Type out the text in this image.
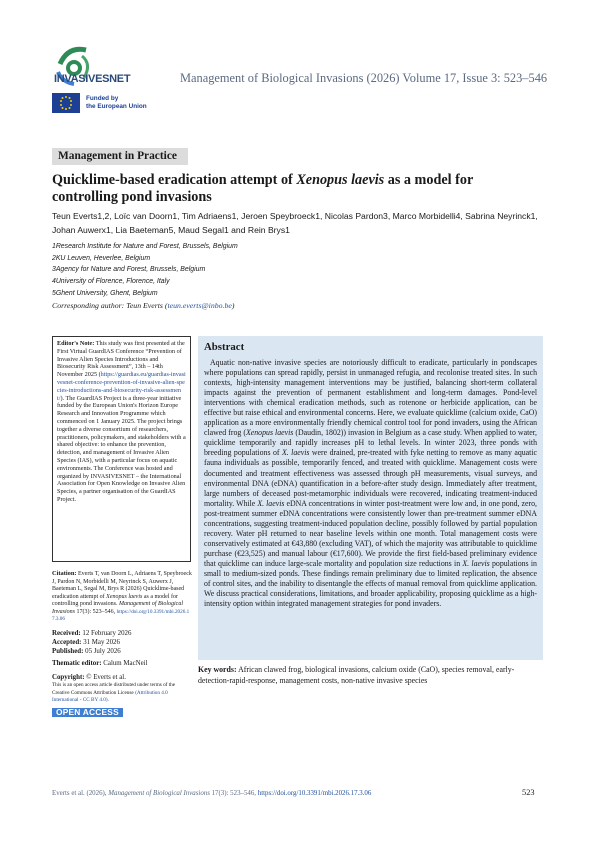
INVASIVESNET	Management of Biological Invasions (2026) Volume 17, Issue 3: 523–546
Funded by
the European Union
Management in Practice
Quicklime-based eradication attempt of Xenopus laevis as a model for controlling pond invasions
Teun Everts1,2, Loïc van Doorn1, Tim Adriaens1, Jeroen Speybroeck1, Nicolas Pardon3, Marco Morbidelli4, Sabrina Neyrinck1, Johan Auwerx1, Lia Baeteman5, Maud Segal1 and Rein Brys1
1Research Institute for Nature and Forest, Brussels, Belgium
2KU Leuven, Heverlee, Belgium
3Agency for Nature and Forest, Brussels, Belgium
4University of Florence, Florence, Italy
5Ghent University, Ghent, Belgium
Corresponding author: Teun Everts (teun.everts@inbo.be)
Editor's Note: This study was first presented at the First Virtual GuardIAS Conference “Prevention of Invasive Alien Species Introductions and Biosecurity Risk Assessment”, 13th – 14th November 2025 (https://guardias.eu/guardias-invasivesnet-conference-prevention-of-invasive-alien-species-introductions-and-biosecurity-risk-assessment/). The GuardIAS Project is a three-year initiative funded by the European Union's Horizon Europe Research and Innovation Programme which commenced on 1 January 2025. The project brings together a diverse consortium of researchers, practitioners, policymakers, and stakeholders with a shared objective: to enhance the prevention, detection, and management of Invasive Alien Species (IAS), with a particular focus on aquatic environments. The Conference was hosted and organized by INVASIVESNET – the International Association for Open Knowledge on Invasive Alien Species, a partner organisation of the GuardIAS Project.

Citation: Everts T, van Doorn L, Adriaens T, Speybroeck J, Pardon N, Morbidelli M, Neyrinck S, Auwerx J, Baeteman L, Segal M, Brys R (2026) Quicklime-based eradication attempt of Xenopus laevis as a model for controlling pond invasions. Management of Biological Invasions 17(3): 523–546, https://doi.org/10.3391/mbi.2026.17.3.06

Received: 12 February 2026
Accepted: 31 May 2026
Published: 05 July 2026

Thematic editor: Calum MacNeil

Copyright: © Everts et al.
This is an open access article distributed under terms of the Creative Commons Attribution License (Attribution 4.0 International - CC BY 4.0).

OPEN ACCESS
Abstract
Aquatic non-native invasive species are notoriously difficult to eradicate, particularly in pondscapes where populations can spread rapidly, persist in unmanaged refugia, and recolonise treated sites. In such contexts, high-intensity management interventions may be justified, balancing short-term collateral impacts against the prevention of permanent establishment and long-term damages. Pond-level interventions with chemical eradication methods, such as rotenone or herbicide application, can be effective but raise ethical and environmental concerns. Here, we evaluate quicklime (calcium oxide, CaO) application as a more environmentally friendly chemical control tool for pond invaders, using the African clawed frog (Xenopus laevis (Daudin, 1802)) invasion in Belgium as a case study. When applied to water, quicklime temporarily and rapidly increases pH to lethal levels. In winter 2023, three ponds with breeding populations of X. laevis were drained, pre-treated with fyke netting to remove as many aquatic fauna individuals as possible, temporarily fenced, and treated with quicklime. Management costs were documented and treatment effectiveness was assessed through pH measurements, visual surveys, and environmental DNA (eDNA) quantification in a before-after study design. Immediately after treatment, large numbers of deceased post-metamorphic individuals were recovered, indicating treatment-induced mortality. While X. laevis eDNA concentrations in winter post-treatment were low and, in one pond, zero, post-treatment summer eDNA concentrations were consistently lower than pre-treatment summer eDNA concentrations, suggesting treatment-induced population decline, possibly followed by partial population recovery. Water pH returned to near baseline levels within one month. Total management costs were conservatively estimated at €43,880 (excluding VAT), of which the majority was attributable to quicklime purchase (€23,525) and manual labour (€17,600). We provide the first field-based preliminary evidence that quicklime can induce large-scale mortality and population size reductions in X. laevis populations in small to medium-sized ponds. These findings remain preliminary due to limited replication, the absence of control sites, and the inability to disentangle the effects of manual removal from quicklime application. We discuss practical considerations, limitations, and broader applicability, proposing quicklime as a high-intensity option within integrated management strategies for pond invaders.
Key words: African clawed frog, biological invasions, calcium oxide (CaO), species removal, early-detection-rapid-response, management costs, non-native invasive species
Everts et al. (2026), Management of Biological Invasions 17(3): 523–546, https://doi.org/10.3391/mbi.2026.17.3.06	523
